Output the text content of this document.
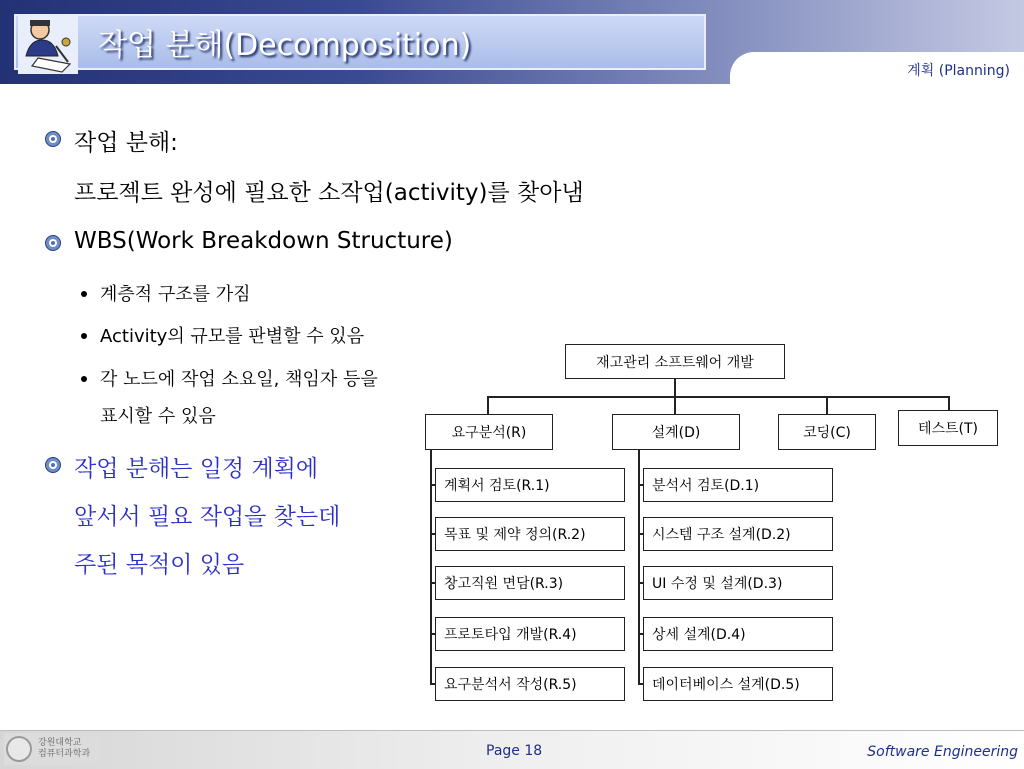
작업 분해(Decomposition)
계획 (Planning)
작업 분해:
프로젝트 완성에 필요한 소작업(activity)를 찾아냄
WBS(Work Breakdown Structure)
계층적 구조를 가짐
Activity의 규모를 판별할 수 있음
각 노드에 작업 소요일, 책임자 등을
표시할 수 있음
작업 분해는 일정 계획에
앞서서 필요 작업을 찾는데
주된 목적이 있음
재고관리 소프트웨어 개발
요구분석(R)	설계(D)	코딩(C)	테스트(T)
계획서 검토(R.1)
목표 및 제약 정의(R.2)
창고직원 면담(R.3)
프로토타입 개발(R.4)
요구분석서 작성(R.5)
분석서 검토(D.1)
시스템 구조 설계(D.2)
UI 수정 및 설계(D.3)
상세 설계(D.4)
데이터베이스 설계(D.5)
강원대학교
컴퓨터과학과	Page 18	Software Engineering
